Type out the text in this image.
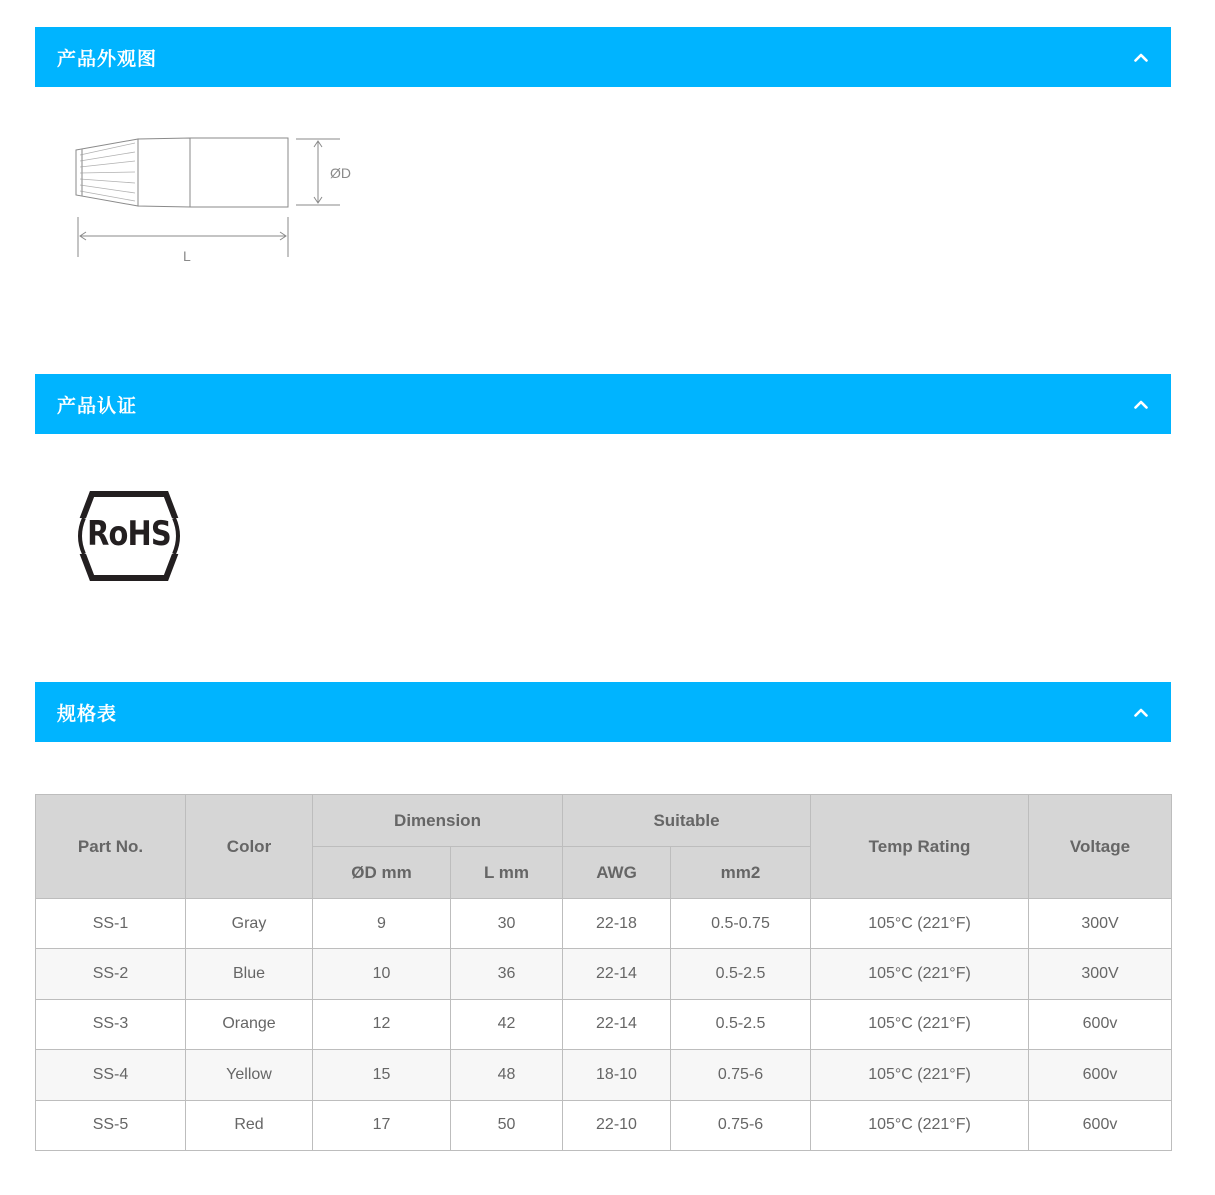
产品外观图
ØD
L
产品认证
RoHS
规格表
Part No.	Color	Dimension		Suitable		Temp Rating	Voltage
		ØD mm	L mm	AWG	mm2		
SS-1	Gray	9	30	22-18	0.5-0.75	105°C (221°F)	300V
SS-2	Blue	10	36	22-14	0.5-2.5	105°C (221°F)	300V
SS-3	Orange	12	42	22-14	0.5-2.5	105°C (221°F)	600v
SS-4	Yellow	15	48	18-10	0.75-6	105°C (221°F)	600v
SS-5	Red	17	50	22-10	0.75-6	105°C (221°F)	600v
